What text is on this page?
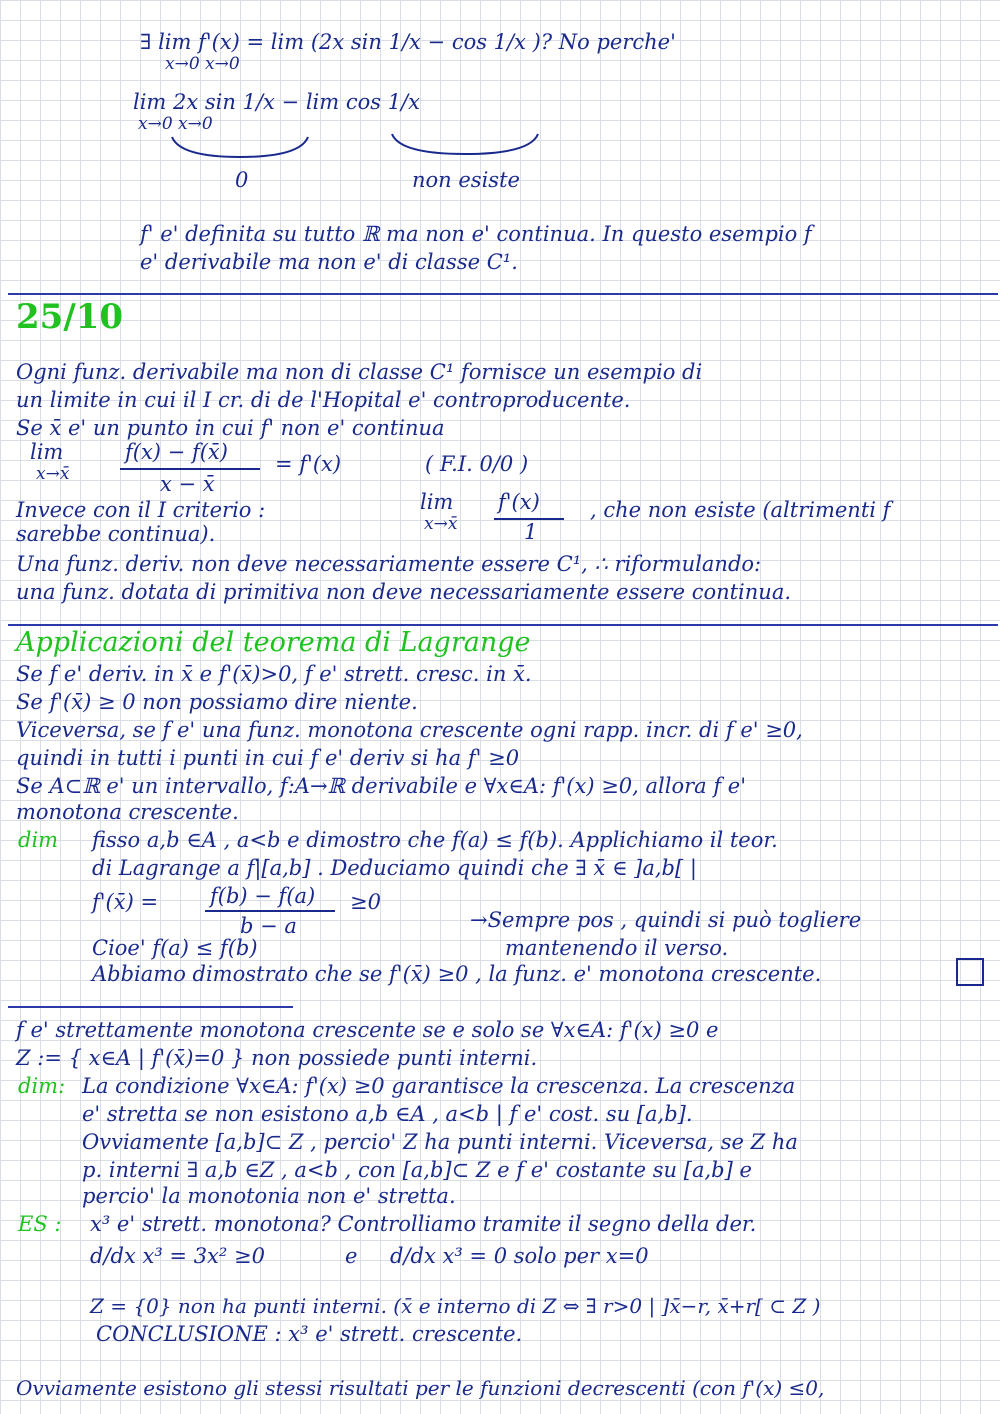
∃ lim f'(x) = lim (2x sin 1/x − cos 1/x )? No perche'
x→0 x→0
lim 2x sin 1/x − lim cos 1/x
x→0 x→0
0	non esiste
f' e' definita su tutto ℝ ma non e' continua. In questo esempio f
e' derivabile ma non e' di classe C¹.
25/10
Ogni funz. derivabile ma non di classe C¹ fornisce un esempio di
un limite in cui il I cr. di de l'Hopital e' controproducente.
Se x̄ e' un punto in cui f' non e' continua
lim
x→x̄
f(x) − f(x̄)
x − x̄
= f'(x)	( F.I. 0/0 )
Invece con il I criterio :	lim
x→x̄
f'(x)
1
, che non esiste (altrimenti f
sarebbe continua).
Una funz. deriv. non deve necessariamente essere C¹, ∴ riformulando:
una funz. dotata di primitiva non deve necessariamente essere continua.
Applicazioni del teorema di Lagrange
Se f e' deriv. in x̄ e f'(x̄)>0, f e' strett. cresc. in x̄.
Se f'(x̄) ≥ 0 non possiamo dire niente.
Viceversa, se f e' una funz. monotona crescente ogni rapp. incr. di f e' ≥0,
quindi in tutti i punti in cui f e' deriv si ha f' ≥0
Se A⊂ℝ e' un intervallo, f:A→ℝ derivabile e ∀x∈A: f'(x) ≥0, allora f e'
monotona crescente.
dim fisso a,b ∈A , a<b e dimostro che f(a) ≤ f(b). Applichiamo il teor.
di Lagrange a f|[a,b] . Deduciamo quindi che ∃ x̄ ∈ ]a,b[ |
f'(x̄) = f(b) − f(a) ≥0
b − a	→Sempre pos , quindi si può togliere
mantenendo il verso.
Cioe' f(a) ≤ f(b)
Abbiamo dimostrato che se f'(x̄) ≥0 , la funz. e' monotona crescente.
f e' strettamente monotona crescente se e solo se ∀x∈A: f'(x) ≥0 e
Z := { x∈A | f'(x̄)=0 } non possiede punti interni.
dim: La condizione ∀x∈A: f'(x) ≥0 garantisce la crescenza. La crescenza
e' stretta se non esistono a,b ∈A , a<b | f e' cost. su [a,b].
Ovviamente [a,b]⊂ Z , percio' Z ha punti interni. Viceversa, se Z ha
p. interni ∃ a,b ∈Z , a<b , con [a,b]⊂ Z e f e' costante su [a,b] e
percio' la monotonia non e' stretta.
ES : x³ e' strett. monotona? Controlliamo tramite il segno della der.
d/dx x³ = 3x² ≥0	e d/dx x³ = 0 solo per x=0
Z = {0} non ha punti interni. (x̄ e interno di Z ⇔ ∃ r>0 | ]x̄−r, x̄+r[ ⊂ Z )
CONCLUSIONE : x³ e' strett. crescente.
Ovviamente esistono gli stessi risultati per le funzioni decrescenti (con f'(x) ≤0,
